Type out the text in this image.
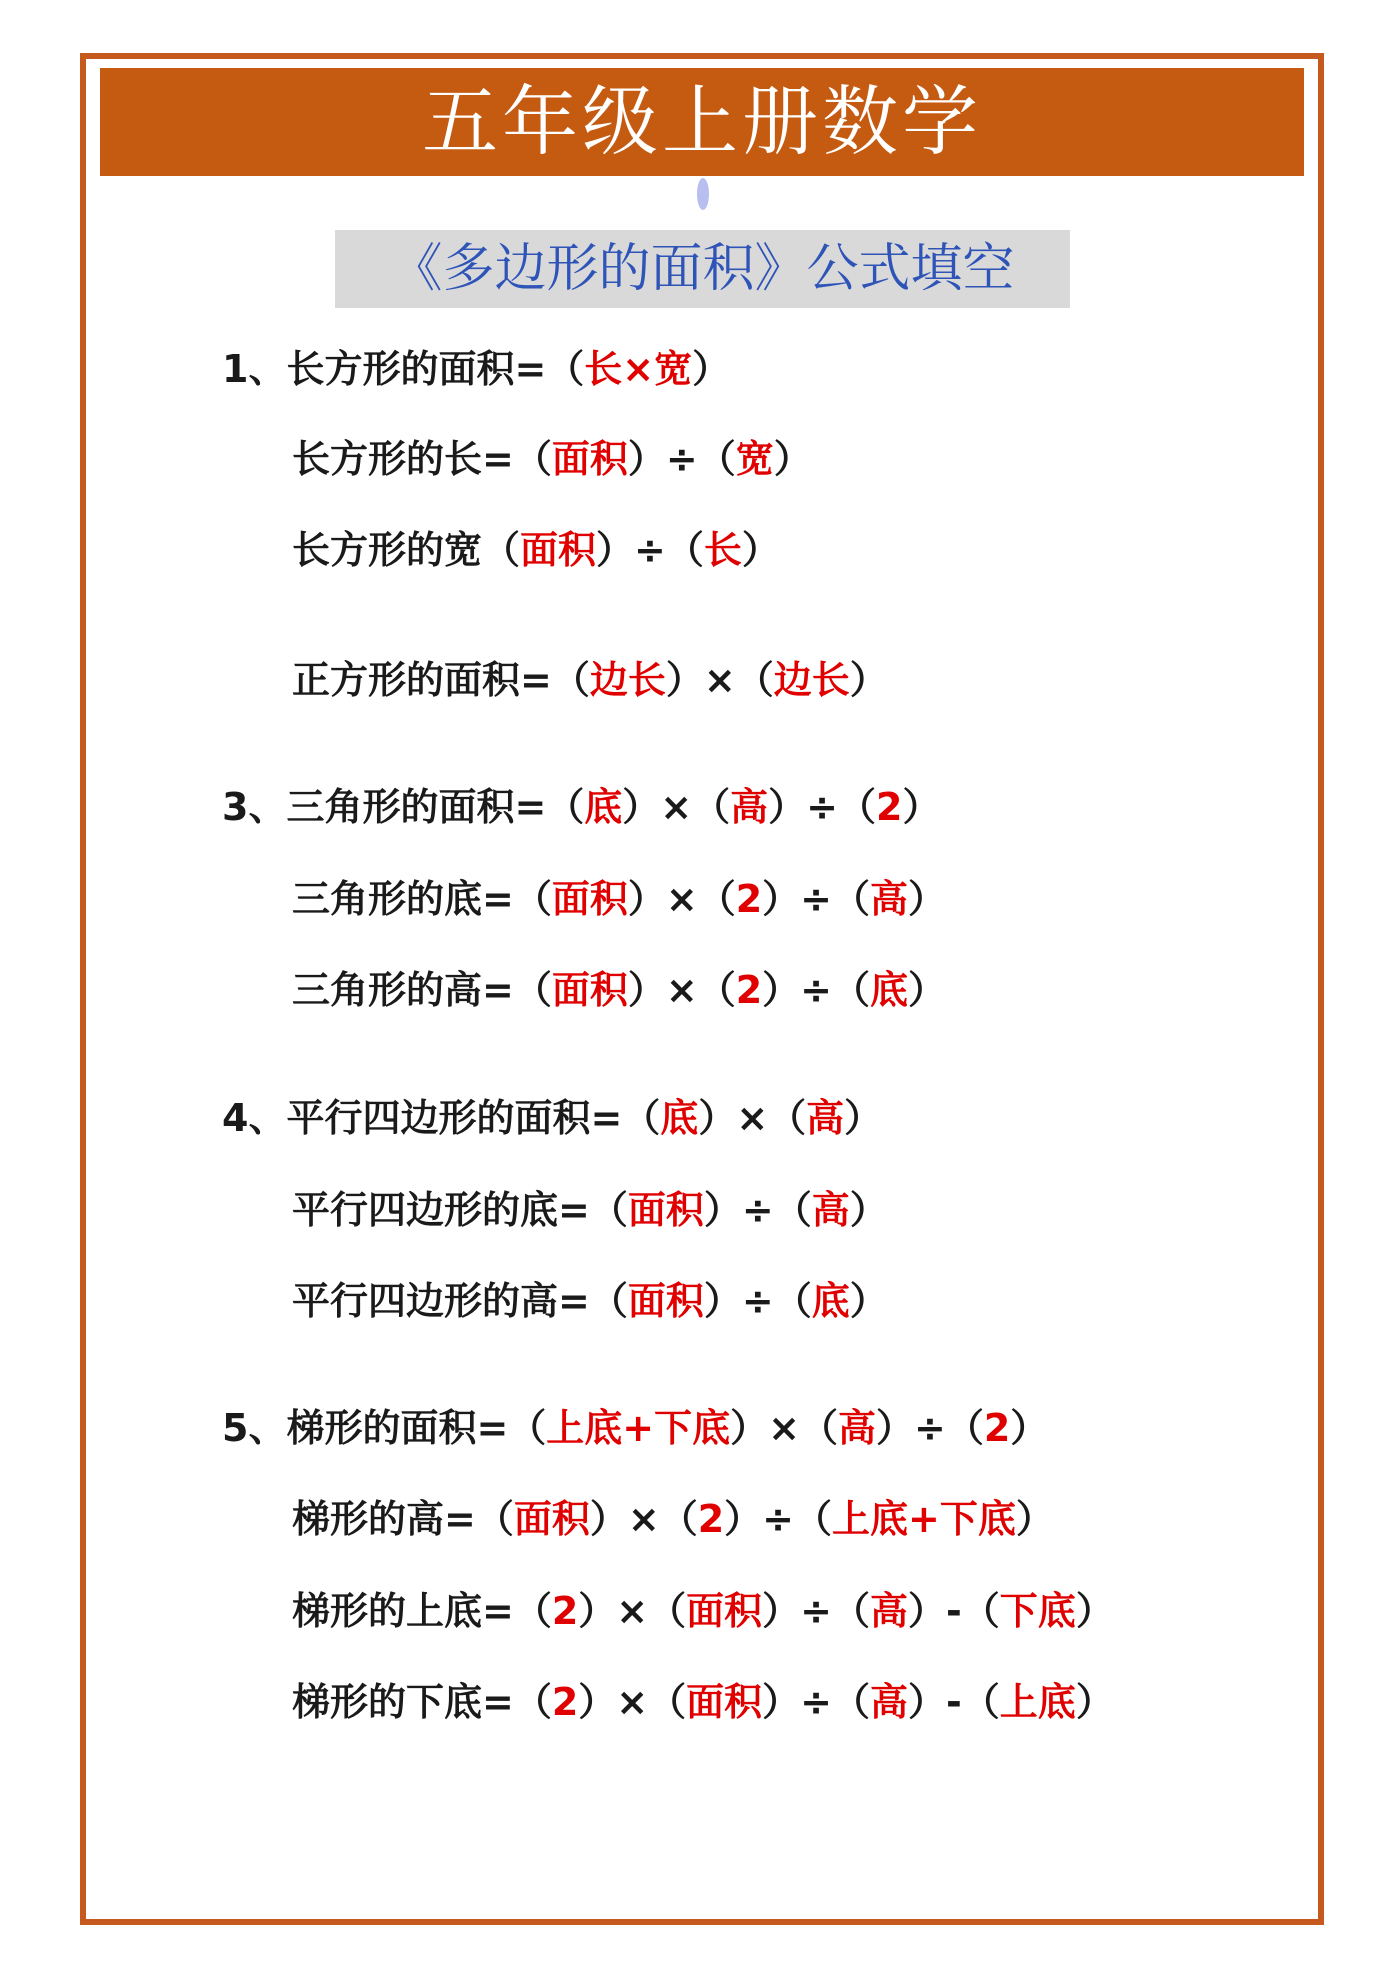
五年级上册数学
《多边形的面积》公式填空
1、长方形的面积=（长×宽）
长方形的长=（面积）÷（宽）
长方形的宽（面积）÷（长）
正方形的面积=（边长）×（边长）
3、三角形的面积=（底）×（高）÷（2）
三角形的底=（面积）×（2）÷（高）
三角形的高=（面积）×（2）÷（底）
4、平行四边形的面积=（底）×（高）
平行四边形的底=（面积）÷（高）
平行四边形的高=（面积）÷（底）
5、梯形的面积=（上底+下底）×（高）÷（2）
梯形的高=（面积）×（2）÷（上底+下底）
梯形的上底=（2）×（面积）÷（高）-（下底）
梯形的下底=（2）×（面积）÷（高）-（上底）
